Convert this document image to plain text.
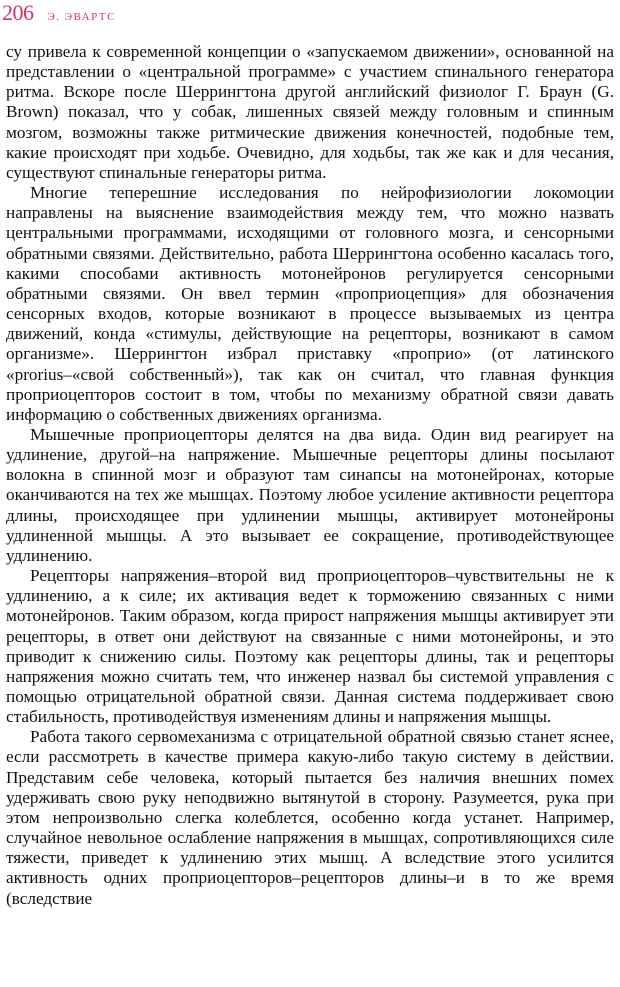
206 Э. ЭВАРТС

су привела к современной концепции о «запускаемом движении», основанной на представлении о «центральной программе» с участием спинального генератора ритма. Вскоре после Шеррингтона другой английский физиолог Г. Браун (G. Brown) показал, что у собак, лишенных связей между головным и спинным мозгом, возможны также ритмические движения конечностей, подобные тем, какие происходят при ходьбе. Очевидно, для ходьбы, так же как и для чесания, существуют спинальные генераторы ритма.

Многие теперешние исследования по нейрофизиологии локомоции направлены на выяснение взаимодействия между тем, что можно назвать центральными программами, исходящими от головного мозга, и сенсорными обратными связями. Действительно, работа Шеррингтона особенно касалась того, какими способами активность мотонейронов регулируется сенсорными обратными связями. Он ввел термин «проприоцепция» для обозначения сенсорных входов, которые возникают в процессе вызываемых из центра движений, конда «стимулы, действующие на рецепторы, возникают в самом организме». Шеррингтон избрал приставку «проприо» (от латинского «prorius–«свой собственный»), так как он считал, что главная функция проприоцепторов состоит в том, чтобы по механизму обратной связи давать информацию о собственных движениях организма.

Мышечные проприоцепторы делятся на два вида. Один вид реагирует на удлинение, другой–на напряжение. Мышечные рецепторы длины посылают волокна в спинной мозг и образуют там синапсы на мотонейронах, которые оканчиваются на тех же мышцах. Поэтому любое усиление активности рецептора длины, происходящее при удлинении мышцы, активирует мотонейроны удлиненной мышцы. А это вызывает ее сокращение, противодействующее удлинению.

Рецепторы напряжения–второй вид проприоцепторов–чувствительны не к удлинению, а к силе; их активация ведет к торможению связанных с ними мотонейронов. Таким образом, когда прирост напряжения мышцы активирует эти рецепторы, в ответ они действуют на связанные с ними мотонейроны, и это приводит к снижению силы. Поэтому как рецепторы длины, так и рецепторы напряжения можно считать тем, что инженер назвал бы системой управления с помощью отрицательной обратной связи. Данная система поддерживает свою стабильность, противодействуя изменениям длины и напряжения мышцы.

Работа такого сервомеханизма с отрицательной обратной связью станет яснее, если рассмотреть в качестве примера какую-либо такую систему в действии. Представим себе человека, который пытается без наличия внешних помех удерживать свою руку неподвижно вытянутой в сторону. Разумеется, рука при этом непроизвольно слегка колеблется, особенно когда устанет. Например, случайное невольное ослабление напряжения в мышцах, сопротивляющихся силе тяжести, приведет к удлинению этих мышц. А вследствие этого усилится активность одних проприоцепторов–рецепторов длины–и в то же время (вследствие
